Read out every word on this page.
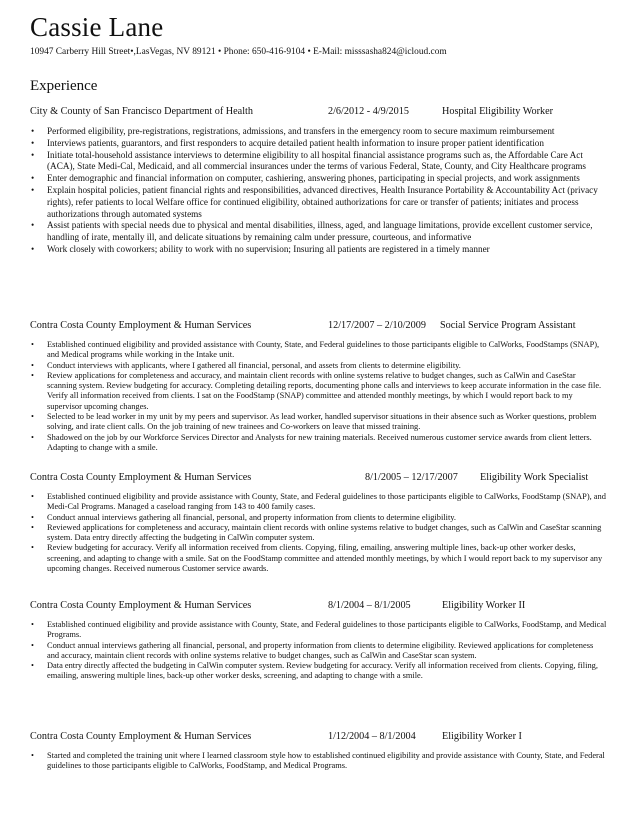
Cassie Lane
10947 Carberry Hill Street•,LasVegas, NV 89121 • Phone: 650-416-9104 • E-Mail: misssasha824@icloud.com
Experience
City & County of San Francisco Department of Health	2/6/2012 - 4/9/2015	Hospital Eligibility Worker
• Performed eligibility, pre-registrations, registrations, admissions, and transfers in the emergency room to secure maximum reimbursement
• Interviews patients, guarantors, and first responders to acquire detailed patient health information to insure proper patient identification
• Initiate total-household assistance interviews to determine eligibility to all hospital financial assistance programs such as, the Affordable Care Act (ACA), State Medi-Cal, Medicaid, and all commercial insurances under the terms of various Federal, State, County, and City Healthcare programs
• Enter demographic and financial information on computer, cashiering, answering phones, participating in special projects, and work assignments
• Explain hospital policies, patient financial rights and responsibilities, advanced directives, Health Insurance Portability & Accountability Act (privacy rights), refer patients to local Welfare office for continued eligibility, obtained authorizations for care or transfer of patients; initiates and process authorizations through automated systems
• Assist patients with special needs due to physical and mental disabilities, illness, aged, and language limitations, provide excellent customer service, handling of irate, mentally ill, and delicate situations by remaining calm under pressure, courteous, and informative
• Work closely with coworkers; ability to work with no supervision; Insuring all patients are registered in a timely manner
Contra Costa County Employment & Human Services	12/17/2007 – 2/10/2009 Social Service Program Assistant
• Established continued eligibility and provided assistance with County, State, and Federal guidelines to those participants eligible to CalWorks, FoodStamps (SNAP), and Medical programs while working in the Intake unit.
• Conduct interviews with applicants, where I gathered all financial, personal, and assets from clients to determine eligibility.
• Review applications for completeness and accuracy, and maintain client records with online systems relative to budget changes, such as CalWin and CaseStar scanning system. Review budgeting for accuracy. Completing detailing reports, documenting phone calls and interviews to keep accurate information in the case file. Verify all information received from clients. I sat on the FoodStamp (SNAP) committee and attended monthly meetings, by which I would report back to my supervisor upcoming changes.
• Selected to be lead worker in my unit by my peers and supervisor. As lead worker, handled supervisor situations in their absence such as Worker questions, problem solving, and irate client calls. On the job training of new trainees and Co-workers on leave that missed training.
• Shadowed on the job by our Workforce Services Director and Analysts for new training materials. Received numerous customer service awards from client letters. Adapting to change with a smile.
Contra Costa County Employment & Human Services	8/1/2005 – 12/17/2007 Eligibility Work Specialist
• Established continued eligibility and provide assistance with County, State, and Federal guidelines to those participants eligible to CalWorks, FoodStamp (SNAP), and Medi-Cal Programs. Managed a caseload ranging from 143 to 400 family cases.
• Conduct annual interviews gathering all financial, personal, and property information from clients to determine eligibility.
• Reviewed applications for completeness and accuracy, maintain client records with online systems relative to budget changes, such as CalWin and CaseStar scanning system. Data entry directly affecting the budgeting in CalWin computer system.
• Review budgeting for accuracy. Verify all information received from clients. Copying, filing, emailing, answering multiple lines, back-up other worker desks, screening, and adapting to change with a smile. Sat on the FoodStamp committee and attended monthly meetings, by which I would report back to my supervisor any upcoming changes. Received numerous Customer service awards.
Contra Costa County Employment & Human Services	8/1/2004 – 8/1/2005	Eligibility Worker II
• Established continued eligibility and provide assistance with County, State, and Federal guidelines to those participants eligible to CalWorks, FoodStamp, and Medical Programs.
• Conduct annual interviews gathering all financial, personal, and property information from clients to determine eligibility. Reviewed applications for completeness and accuracy, maintain client records with online systems relative to budget changes, such as CalWin and CaseStar scan system.
• Data entry directly affected the budgeting in CalWin computer system. Review budgeting for accuracy. Verify all information received from clients. Copying, filing, emailing, answering multiple lines, back-up other worker desks, screening, and adapting to change with a smile.
Contra Costa County Employment & Human Services	1/12/2004 – 8/1/2004	Eligibility Worker I
• Started and completed the training unit where I learned classroom style how to established continued eligibility and provide assistance with County, State, and Federal guidelines to those participants eligible to CalWorks, FoodStamp, and Medical Programs.
